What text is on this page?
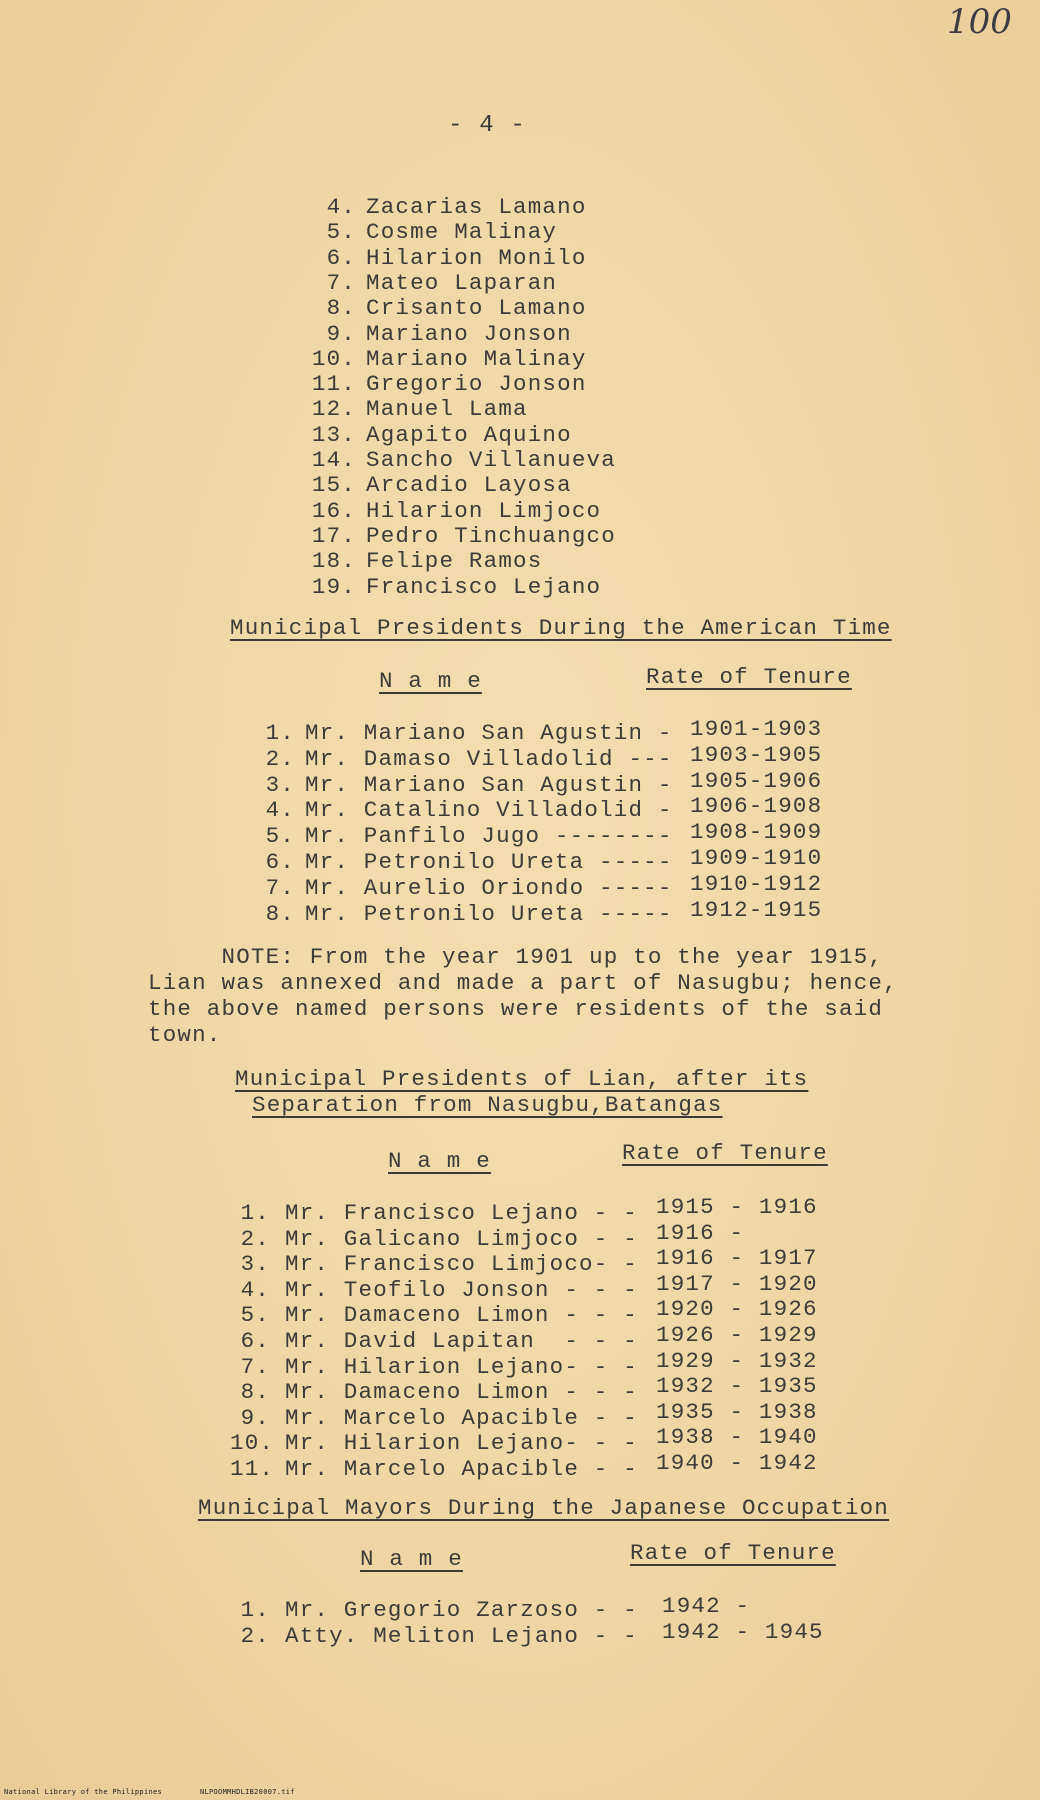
100
- 4 -
4. Zacarias Lamano
5. Cosme Malinay
6. Hilarion Monilo
7. Mateo Laparan
8. Crisanto Lamano
9. Mariano Jonson
10. Mariano Malinay
11. Gregorio Jonson
12. Manuel Lama
13. Agapito Aquino
14. Sancho Villanueva
15. Arcadio Layosa
16. Hilarion Limjoco
17. Pedro Tinchuangco
18. Felipe Ramos
19. Francisco Lejano
Municipal Presidents During the American Time
N a m e	Rate of Tenure
1. Mr. Mariano San Agustin - 1901-1903
2. Mr. Damaso Villadolid --- 1903-1905
3. Mr. Mariano San Agustin - 1905-1906
4. Mr. Catalino Villadolid - 1906-1908
5. Mr. Panfilo Jugo -------- 1908-1909
6. Mr. Petronilo Ureta ----- 1909-1910
7. Mr. Aurelio Oriondo ----- 1910-1912
8. Mr. Petronilo Ureta ----- 1912-1915
NOTE: From the year 1901 up to the year 1915,
Lian was annexed and made a part of Nasugbu; hence,
the above named persons were residents of the said
town.
Municipal Presidents of Lian, after its
Separation from Nasugbu,Batangas
N a m e	Rate of Tenure
1. Mr. Francisco Lejano - - 1915 - 1916
2. Mr. Galicano Limjoco - - 1916 -
3. Mr. Francisco Limjoco- - 1916 - 1917
4. Mr. Teofilo Jonson - - - 1917 - 1920
5. Mr. Damaceno Limon - - - 1920 - 1926
6. Mr. David Lapitan  - - - 1926 - 1929
7. Mr. Hilarion Lejano- - - 1929 - 1932
8. Mr. Damaceno Limon - - - 1932 - 1935
9. Mr. Marcelo Apacible - - 1935 - 1938
10. Mr. Hilarion Lejano- - - 1938 - 1940
11. Mr. Marcelo Apacible - - 1940 - 1942
Municipal Mayors During the Japanese Occupation
N a m e	Rate of Tenure
1. Mr. Gregorio Zarzoso - - 1942 -
2. Atty. Meliton Lejano - - 1942 - 1945
National Library of the Philippines	NLPOOMMHDLIB20007.tif
